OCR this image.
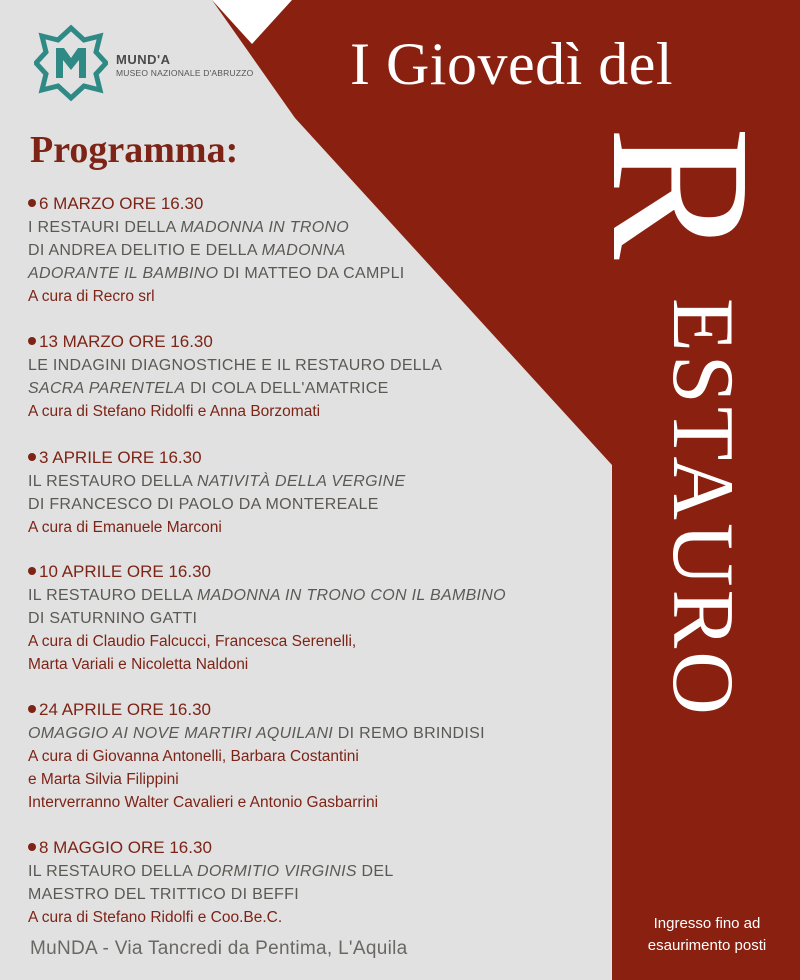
MUND'A
MUSEO NAZIONALE D'ABRUZZO I Giovedì del
R
ESTAURO
Programma:
6 MARZO ORE 16.30
I RESTAURI DELLA MADONNA IN TRONO
DI ANDREA DELITIO E DELLA MADONNA
ADORANTE IL BAMBINO DI MATTEO DA CAMPLI
A cura di Recro srl
13 MARZO ORE 16.30
LE INDAGINI DIAGNOSTICHE E IL RESTAURO DELLA
SACRA PARENTELA DI COLA DELL'AMATRICE
A cura di Stefano Ridolfi e Anna Borzomati
3 APRILE ORE 16.30
IL RESTAURO DELLA NATIVITÀ DELLA VERGINE
DI FRANCESCO DI PAOLO DA MONTEREALE
A cura di Emanuele Marconi
10 APRILE ORE 16.30
IL RESTAURO DELLA MADONNA IN TRONO CON IL BAMBINO
DI SATURNINO GATTI
A cura di Claudio Falcucci, Francesca Serenelli,
Marta Variali e Nicoletta Naldoni
24 APRILE ORE 16.30
OMAGGIO AI NOVE MARTIRI AQUILANI DI REMO BRINDISI
A cura di Giovanna Antonelli, Barbara Costantini
e Marta Silvia Filippini
Interverranno Walter Cavalieri e Antonio Gasbarrini
8 MAGGIO ORE 16.30
IL RESTAURO DELLA DORMITIO VIRGINIS DEL
MAESTRO DEL TRITTICO DI BEFFI
A cura di Stefano Ridolfi e Coo.Be.C.
MuNDA - Via Tancredi da Pentima, L'Aquila
Ingresso fino ad
esaurimento posti
